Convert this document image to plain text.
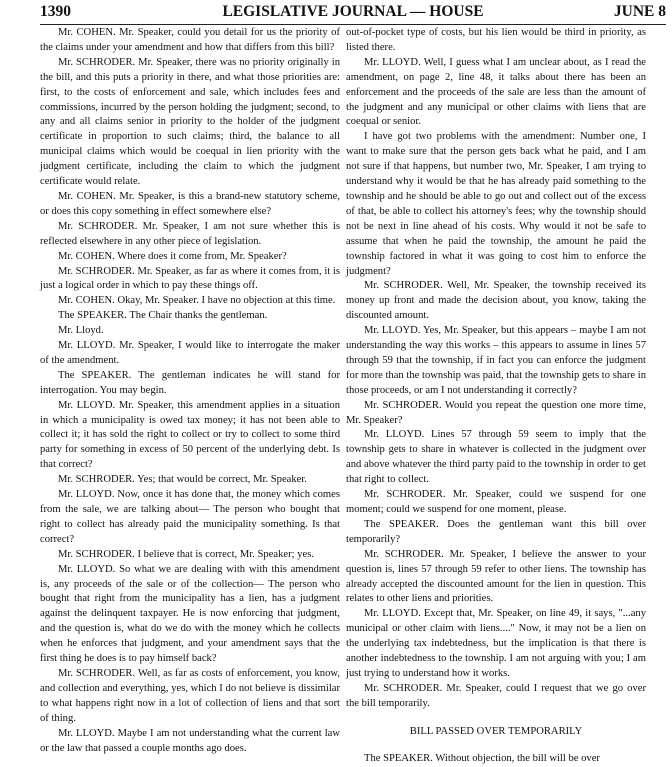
1390	LEGISLATIVE JOURNAL — HOUSE	JUNE 8

Mr. COHEN. Mr. Speaker, could you detail for us the priority of the claims under your amendment and how that differs from this bill?

Mr. SCHRODER. Mr. Speaker, there was no priority originally in the bill, and this puts a priority in there, and what those priorities are: first, to the costs of enforcement and sale, which includes fees and commissions, incurred by the person holding the judgment; second, to any and all claims senior in priority to the holder of the judgment certificate in proportion to such claims; third, the balance to all municipal claims which would be coequal in lien priority with the judgment certificate, including the claim to which the judgment certificate would relate.

Mr. COHEN. Mr. Speaker, is this a brand-new statutory scheme, or does this copy something in effect somewhere else?

Mr. SCHRODER. Mr. Speaker, I am not sure whether this is reflected elsewhere in any other piece of legislation.

Mr. COHEN. Where does it come from, Mr. Speaker?

Mr. SCHRODER. Mr. Speaker, as far as where it comes from, it is just a logical order in which to pay these things off.

Mr. COHEN. Okay, Mr. Speaker. I have no objection at this time.

The SPEAKER. The Chair thanks the gentleman.

Mr. Lloyd.

Mr. LLOYD. Mr. Speaker, I would like to interrogate the maker of the amendment.

The SPEAKER. The gentleman indicates he will stand for interrogation. You may begin.

Mr. LLOYD. Mr. Speaker, this amendment applies in a situation in which a municipality is owed tax money; it has not been able to collect it; it has sold the right to collect or try to collect to some third party for something in excess of 50 percent of the underlying debt. Is that correct?

Mr. SCHRODER. Yes; that would be correct, Mr. Speaker.

Mr. LLOYD. Now, once it has done that, the money which comes from the sale, we are talking about— The person who bought that right to collect has already paid the municipality something. Is that correct?

Mr. SCHRODER. I believe that is correct, Mr. Speaker; yes.

Mr. LLOYD. So what we are dealing with with this amendment is, any proceeds of the sale or of the collection— The person who bought that right from the municipality has a lien, has a judgment against the delinquent taxpayer. He is now enforcing that judgment, and the question is, what do we do with the money which he collects when he enforces that judgment, and your amendment says that the first thing he does is to pay himself back?

Mr. SCHRODER. Well, as far as costs of enforcement, you know, and collection and everything, yes, which I do not believe is dissimilar to what happens right now in a lot of collection of liens and that sort of thing.

Mr. LLOYD. Maybe I am not understanding what the current law or the law that passed a couple months ago does.

out-of-pocket type of costs, but his lien would be third in priority, as listed there.

Mr. LLOYD. Well, I guess what I am unclear about, as I read the amendment, on page 2, line 48, it talks about there has been an enforcement and the proceeds of the sale are less than the amount of the judgment and any municipal or other claims with liens that are coequal or senior.

I have got two problems with the amendment: Number one, I want to make sure that the person gets back what he paid, and I am not sure if that happens, but number two, Mr. Speaker, I am trying to understand why it would be that he has already paid something to the township and he should be able to go out and collect out of the excess of that, be able to collect his attorney's fees; why the township should not be next in line ahead of his costs. Why would it not be safe to assume that when he paid the township, the amount he paid the township factored in what it was going to cost him to enforce the judgment?

Mr. SCHRODER. Well, Mr. Speaker, the township received its money up front and made the decision about, you know, taking the discounted amount.

Mr. LLOYD. Yes, Mr. Speaker, but this appears – maybe I am not understanding the way this works – this appears to assume in lines 57 through 59 that the township, if in fact you can enforce the judgment for more than the township was paid, that the township gets to share in those proceeds, or am I not understanding it correctly?

Mr. SCHRODER. Would you repeat the question one more time, Mr. Speaker?

Mr. LLOYD. Lines 57 through 59 seem to imply that the township gets to share in whatever is collected in the judgment over and above whatever the third party paid to the township in order to get that right to collect.

Mr. SCHRODER. Mr. Speaker, could we suspend for one moment; could we suspend for one moment, please.

The SPEAKER. Does the gentleman want this bill over temporarily?

Mr. SCHRODER. Mr. Speaker, I believe the answer to your question is, lines 57 through 59 refer to other liens. The township has already accepted the discounted amount for the lien in question. This relates to other liens and priorities.

Mr. LLOYD. Except that, Mr. Speaker, on line 49, it says, "...any municipal or other claim with liens...." Now, it may not be a lien on the underlying tax indebtedness, but the implication is that there is another indebtedness to the township. I am not arguing with you; I am just trying to understand how it works.

Mr. SCHRODER. Mr. Speaker, could I request that we go over the bill temporarily.

BILL PASSED OVER TEMPORARILY

The SPEAKER. Without objection, the bill will be over
